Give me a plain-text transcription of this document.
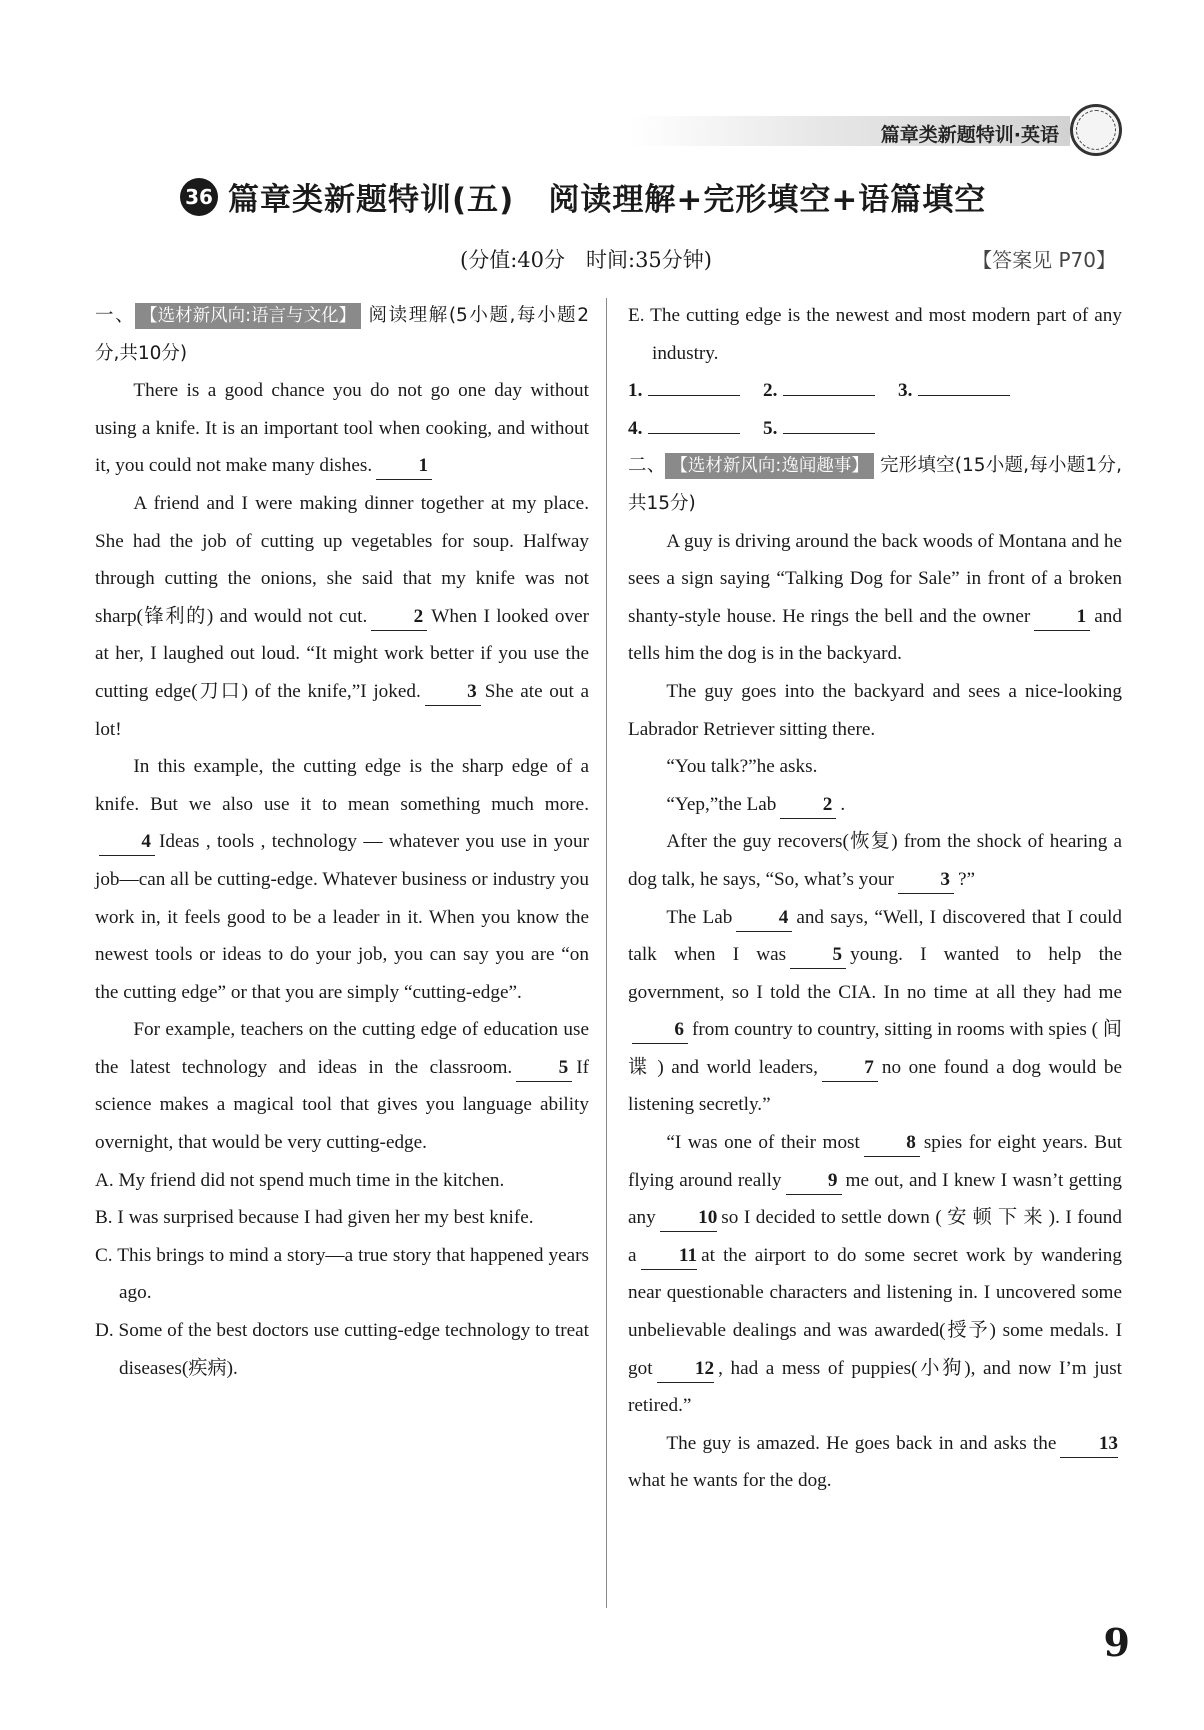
篇章类新题特训·英语
36 篇章类新题特训(五) 阅读理解+完形填空+语篇填空
(分值:40分　时间:35分钟)	【答案见 P70】

一、 【选材新风向:语言与文化】 阅读理解(5小题,每小题2分,共10分)

There is a good chance you do not go one day without using a knife. It is an important tool when cooking, and without it, you could not make many dishes. 1

A friend and I were making dinner together at my place. She had the job of cutting up vegetables for soup. Halfway through cutting the onions, she said that my knife was not sharp(锋利的) and would not cut. 2 When I looked over at her, I laughed out loud. “It might work better if you use the cutting edge(刀口) of the knife,”I joked. 3 She ate out a lot!

In this example, the cutting edge is the sharp edge of a knife. But we also use it to mean something much more.4 Ideas , tools , technology — whatever you use in your job—can all be cutting-edge. Whatever business or industry you work in, it feels good to be a leader in it. When you know the newest tools or ideas to do your job, you can say you are “on the cutting edge” or that you are simply “cutting-edge”.

For example, teachers on the cutting edge of education use the latest technology and ideas in the classroom. 5 If science makes a magical tool that gives you language ability overnight, that would be very cutting-edge.

A. My friend did not spend much time in the kitchen.

B. I was surprised because I had given her my best knife.

C. This brings to mind a story—a true story that happened years ago.

D. Some of the best doctors use cutting-edge technology to treat diseases(疾病).

E. The cutting edge is the newest and most modern part of any industry.

1.	2.	3.
4.	5.

二、 【选材新风向:逸闻趣事】 完形填空(15小题,每小题1分,共15分)

A guy is driving around the back woods of Montana and he sees a sign saying “Talking Dog for Sale” in front of a broken shanty-style house. He rings the bell and the owner 1 and tells him the dog is in the backyard.

The guy goes into the backyard and sees a nice-looking Labrador Retriever sitting there.

“You talk?”he asks.

“Yep,”the Lab 2 .

After the guy recovers(恢复) from the shock of hearing a dog talk, he says, “So, what’s your 3 ?”

The Lab 4 and says, “Well, I discovered that I could talk when I was 5 young. I wanted to help the government, so I told the CIA. In no time at all they had me6 from country to country, sitting in rooms with spies ( 间 谍 ) and world leaders, 7 no one found a dog would be listening secretly.”

“I was one of their most 8 spies for eight years. But flying around really 9 me out, and I knew I wasn’t getting any 10 so I decided to settle down ( 安 顿 下 来 ). I found a 11 at the airport to do some secret work by wandering near questionable characters and listening in. I uncovered some unbelievable dealings and was awarded(授予) some medals. I got 12 , had a mess of puppies(小狗), and now I’m just retired.”

The guy is amazed. He goes back in and asks the 13what he wants for the dog.

9
